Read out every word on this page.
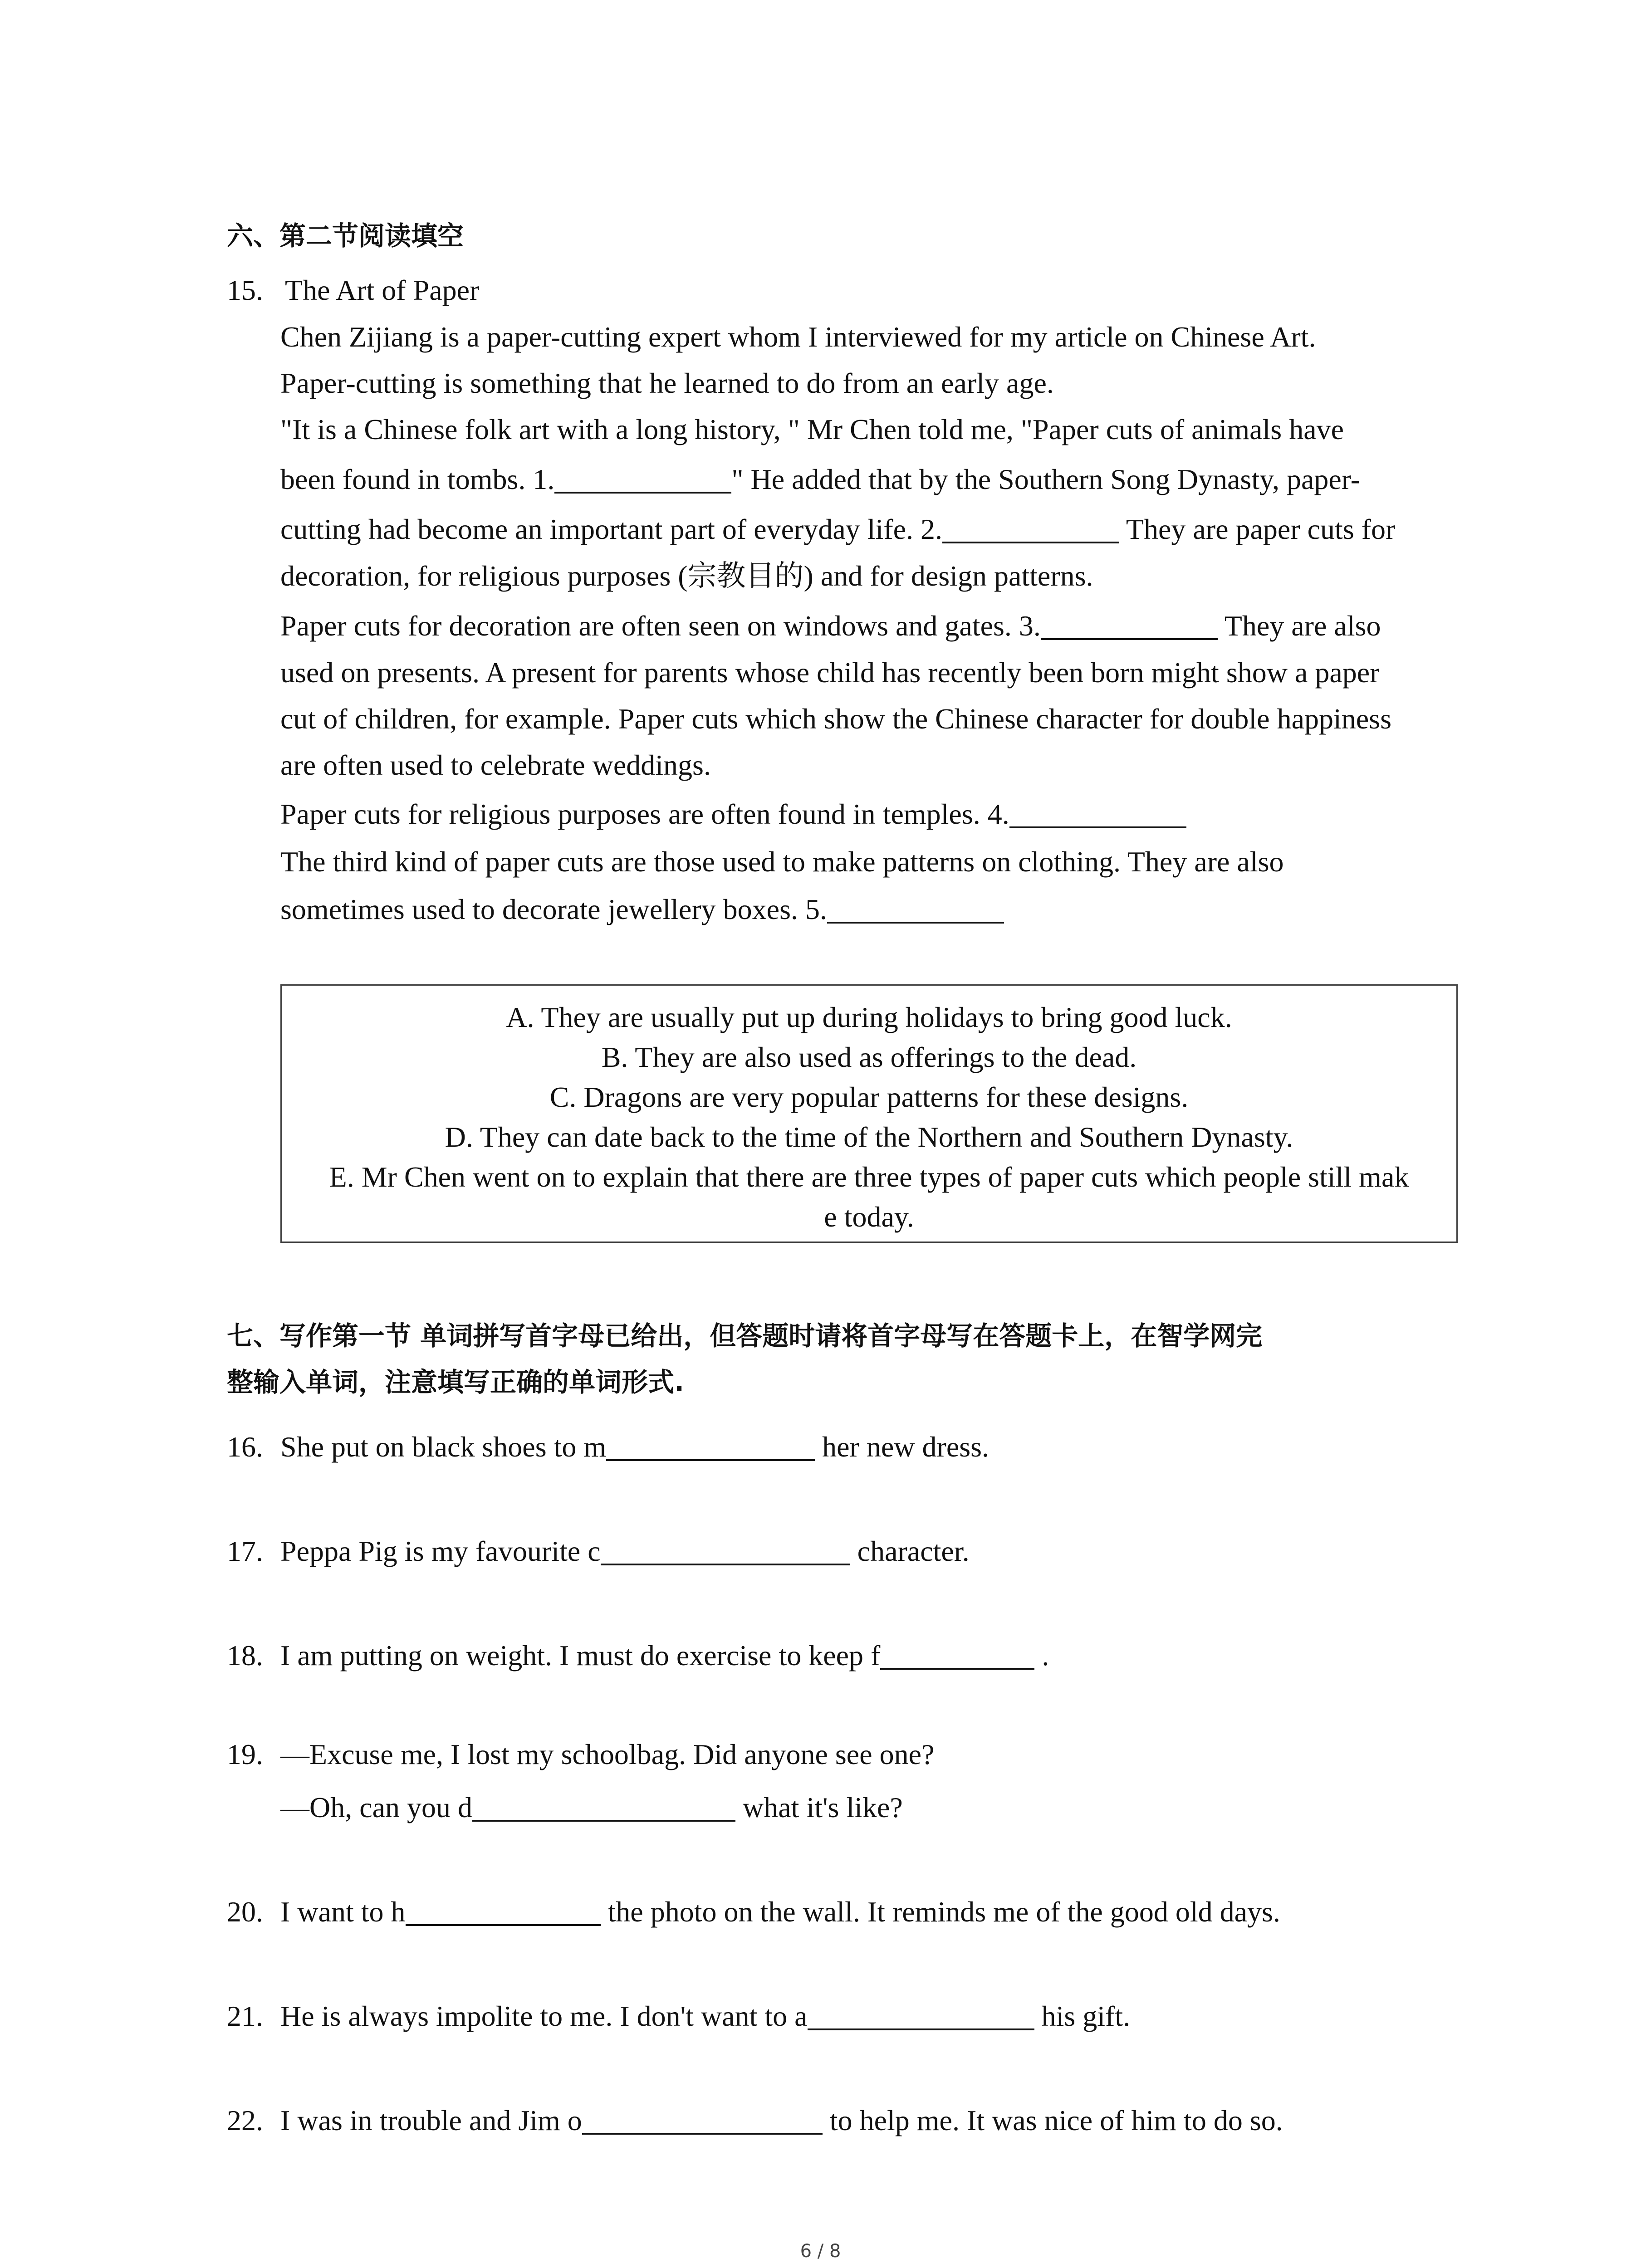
六、第二节阅读填空
15. The Art of Paper
Chen Zijiang is a paper-cutting expert whom I interviewed for my article on Chinese Art.
Paper-cutting is something that he learned to do from an early age.
"It is a Chinese folk art with a long history, " Mr Chen told me, "Paper cuts of animals have
been found in tombs. 1.	" He added that by the Southern Song Dynasty, paper-
cutting had become an important part of everyday life. 2.	They are paper cuts for
decoration, for religious purposes (宗教目的) and for design patterns.
Paper cuts for decoration are often seen on windows and gates. 3.	They are also
used on presents. A present for parents whose child has recently been born might show a paper
cut of children, for example. Paper cuts which show the Chinese character for double happiness
are often used to celebrate weddings.
Paper cuts for religious purposes are often found in temples. 4.
The third kind of paper cuts are those used to make patterns on clothing. They are also
sometimes used to decorate jewellery boxes. 5.
A. They are usually put up during holidays to bring good luck.
B. They are also used as offerings to the dead.
C. Dragons are very popular patterns for these designs.
D. They can date back to the time of the Northern and Southern Dynasty.
E. Mr Chen went on to explain that there are three types of paper cuts which people still mak
e today.
七、写作第一节 单词拼写首字母已给出，但答题时请将首字母写在答题卡上，在智学网完
整输入单词，注意填写正确的单词形式.
16. She put on black shoes to m	her new dress.
17. Peppa Pig is my favourite c	character.
18. I am putting on weight. I must do exercise to keep f	.
19. —Excuse me, I lost my schoolbag. Did anyone see one?
—Oh, can you d	what it's like?
20. I want to h	the photo on the wall. It reminds me of the good old days.
21. He is always impolite to me. I don't want to a	his gift.
22. I was in trouble and Jim o	to help me. It was nice of him to do so.
6 / 8
